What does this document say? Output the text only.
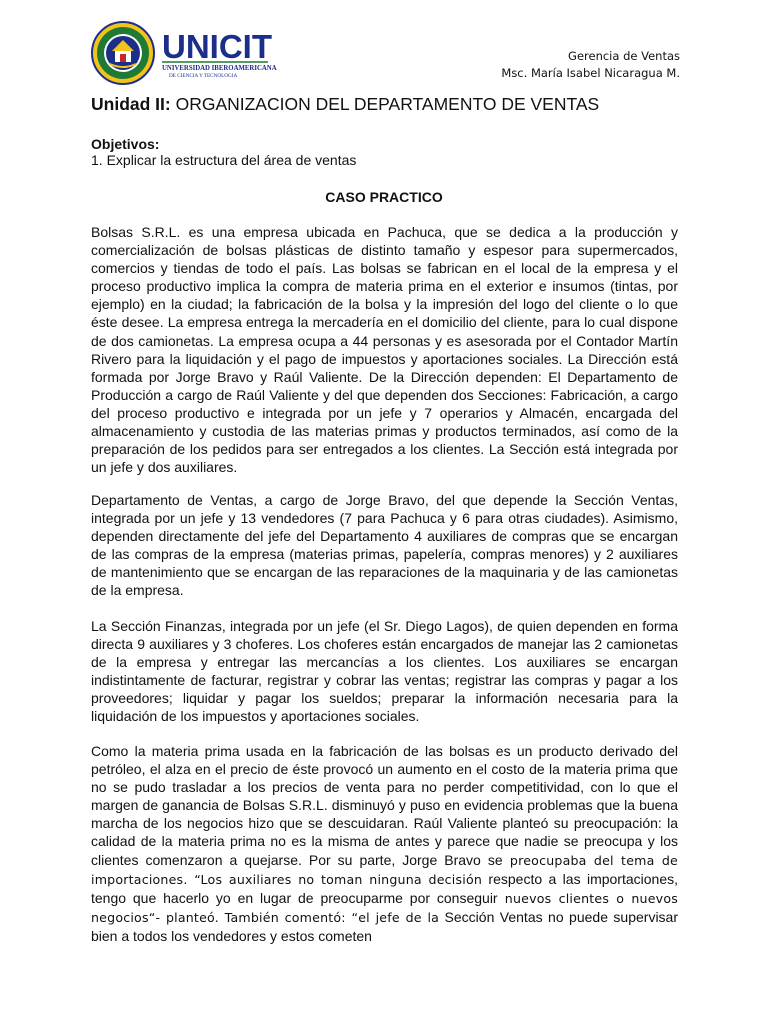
UNICIT
UNIVERSIDAD IBEROAMERICANA
DE CIENCIA Y TECNOLOGIA
Gerencia de Ventas
Msc. María Isabel Nicaragua M.
Unidad II: ORGANIZACION DEL DEPARTAMENTO DE VENTAS
Objetivos:
1. Explicar la estructura del área de ventas
CASO PRACTICO

Bolsas S.R.L. es una empresa ubicada en Pachuca, que se dedica a la producción y comercialización de bolsas plásticas de distinto tamaño y espesor para supermercados, comercios y tiendas de todo el país. Las bolsas se fabrican en el local de la empresa y el proceso productivo implica la compra de materia prima en el exterior e insumos (tintas, por ejemplo) en la ciudad; la fabricación de la bolsa y la impresión del logo del cliente o lo que éste desee. La empresa entrega la mercadería en el domicilio del cliente, para lo cual dispone de dos camionetas. La empresa ocupa a 44 personas y es asesorada por el Contador Martín Rivero para la liquidación y el pago de impuestos y aportaciones sociales. La Dirección está formada por Jorge Bravo y Raúl Valiente. De la Dirección dependen: El Departamento de Producción a cargo de Raúl Valiente y del que dependen dos Secciones: Fabricación, a cargo del proceso productivo e integrada por un jefe y 7 operarios y Almacén, encargada del almacenamiento y custodia de las materias primas y productos terminados, así como de la preparación de los pedidos para ser entregados a los clientes. La Sección está integrada por un jefe y dos auxiliares.

Departamento de Ventas, a cargo de Jorge Bravo, del que depende la Sección Ventas, integrada por un jefe y 13 vendedores (7 para Pachuca y 6 para otras ciudades). Asimismo, dependen directamente del jefe del Departamento 4 auxiliares de compras que se encargan de las compras de la empresa (materias primas, papelería, compras menores) y 2 auxiliares de mantenimiento que se encargan de las reparaciones de la maquinaria y de las camionetas de la empresa.

La Sección Finanzas, integrada por un jefe (el Sr. Diego Lagos), de quien dependen en forma directa 9 auxiliares y 3 choferes. Los choferes están encargados de manejar las 2 camionetas de la empresa y entregar las mercancías a los clientes. Los auxiliares se encargan indistintamente de facturar, registrar y cobrar las ventas; registrar las compras y pagar a los proveedores; liquidar y pagar los sueldos; preparar la información necesaria para la liquidación de los impuestos y aportaciones sociales.

Como la materia prima usada en la fabricación de las bolsas es un producto derivado del petróleo, el alza en el precio de éste provocó un aumento en el costo de la materia prima que no se pudo trasladar a los precios de venta para no perder competitividad, con lo que el margen de ganancia de Bolsas S.R.L. disminuyó y puso en evidencia problemas que la buena marcha de los negocios hizo que se descuidaran. Raúl Valiente planteó su preocupación: la calidad de la materia prima no es la misma de antes y parece que nadie se preocupa y los clientes comenzaron a quejarse. Por su parte, Jorge Bravo se preocupaba del tema de importaciones. “Los auxiliares no toman ninguna decisión respecto a las importaciones, tengo que hacerlo yo en lugar de preocuparme por conseguir nuevos clientes o nuevos negocios“- planteó. También comentó: “el jefe de la Sección Ventas no puede supervisar bien a todos los vendedores y estos cometen
